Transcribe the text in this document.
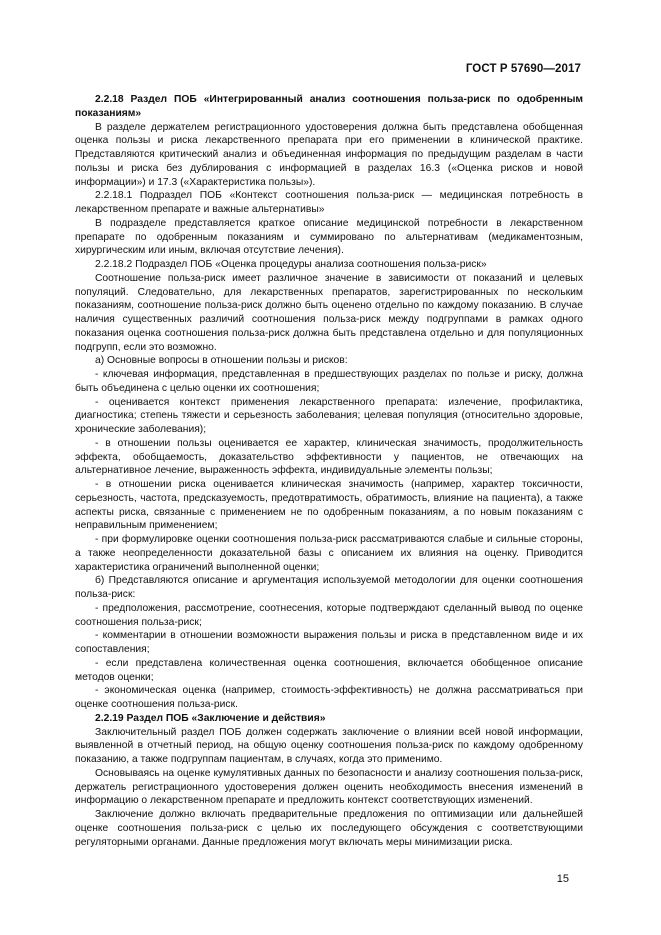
ГОСТ Р 57690—2017

2.2.18 Раздел ПОБ «Интегрированный анализ соотношения польза-риск по одобренным показаниям»

В разделе держателем регистрационного удостоверения должна быть представлена обобщенная оценка пользы и риска лекарственного препарата при его применении в клинической практике. Представляются критический анализ и объединенная информация по предыдущим разделам в части пользы и риска без дублирования с информацией в разделах 16.3 («Оценка рисков и новой информации») и 17.3 («Характеристика пользы»).

2.2.18.1 Подраздел ПОБ «Контекст соотношения польза-риск — медицинская потребность в лекарственном препарате и важные альтернативы»

В подразделе представляется краткое описание медицинской потребности в лекарственном препарате по одобренным показаниям и суммировано по альтернативам (медикаментозным, хирургическим или иным, включая отсутствие лечения).

2.2.18.2 Подраздел ПОБ «Оценка процедуры анализа соотношения польза-риск»

Соотношение польза-риск имеет различное значение в зависимости от показаний и целевых популяций. Следовательно, для лекарственных препаратов, зарегистрированных по нескольким показаниям, соотношение польза-риск должно быть оценено отдельно по каждому показанию. В случае наличия существенных различий соотношения польза-риск между подгруппами в рамках одного показания оценка соотношения польза-риск должна быть представлена отдельно и для популяционных подгрупп, если это возможно.

а) Основные вопросы в отношении пользы и рисков:

- ключевая информация, представленная в предшествующих разделах по пользе и риску, должна быть объединена с целью оценки их соотношения;

- оценивается контекст применения лекарственного препарата: излечение, профилактика, диагностика; степень тяжести и серьезность заболевания; целевая популяция (относительно здоровые, хронические заболевания);

- в отношении пользы оценивается ее характер, клиническая значимость, продолжительность эффекта, обобщаемость, доказательство эффективности у пациентов, не отвечающих на альтернативное лечение, выраженность эффекта, индивидуальные элементы пользы;

- в отношении риска оценивается клиническая значимость (например, характер токсичности, серьезность, частота, предсказуемость, предотвратимость, обратимость, влияние на пациента), а также аспекты риска, связанные с применением не по одобренным показаниям, а по новым показаниям с неправильным применением;

- при формулировке оценки соотношения польза-риск рассматриваются слабые и сильные стороны, а также неопределенности доказательной базы с описанием их влияния на оценку. Приводится характеристика ограничений выполненной оценки;

б) Представляются описание и аргументация используемой методологии для оценки соотношения польза-риск:

- предположения, рассмотрение, соотнесения, которые подтверждают сделанный вывод по оценке соотношения польза-риск;

- комментарии в отношении возможности выражения пользы и риска в представленном виде и их сопоставления;

- если представлена количественная оценка соотношения, включается обобщенное описание методов оценки;

- экономическая оценка (например, стоимость-эффективность) не должна рассматриваться при оценке соотношения польза-риск.

2.2.19 Раздел ПОБ «Заключение и действия»

Заключительный раздел ПОБ должен содержать заключение о влиянии всей новой информации, выявленной в отчетный период, на общую оценку соотношения польза-риск по каждому одобренному показанию, а также подгруппам пациентам, в случаях, когда это применимо.

Основываясь на оценке кумулятивных данных по безопасности и анализу соотношения польза-риск, держатель регистрационного удостоверения должен оценить необходимость внесения изменений в информацию о лекарственном препарате и предложить контекст соответствующих изменений.

Заключение должно включать предварительные предложения по оптимизации или дальнейшей оценке соотношения польза-риск с целью их последующего обсуждения с соответствующими регуляторными органами. Данные предложения могут включать меры минимизации риска.

15
